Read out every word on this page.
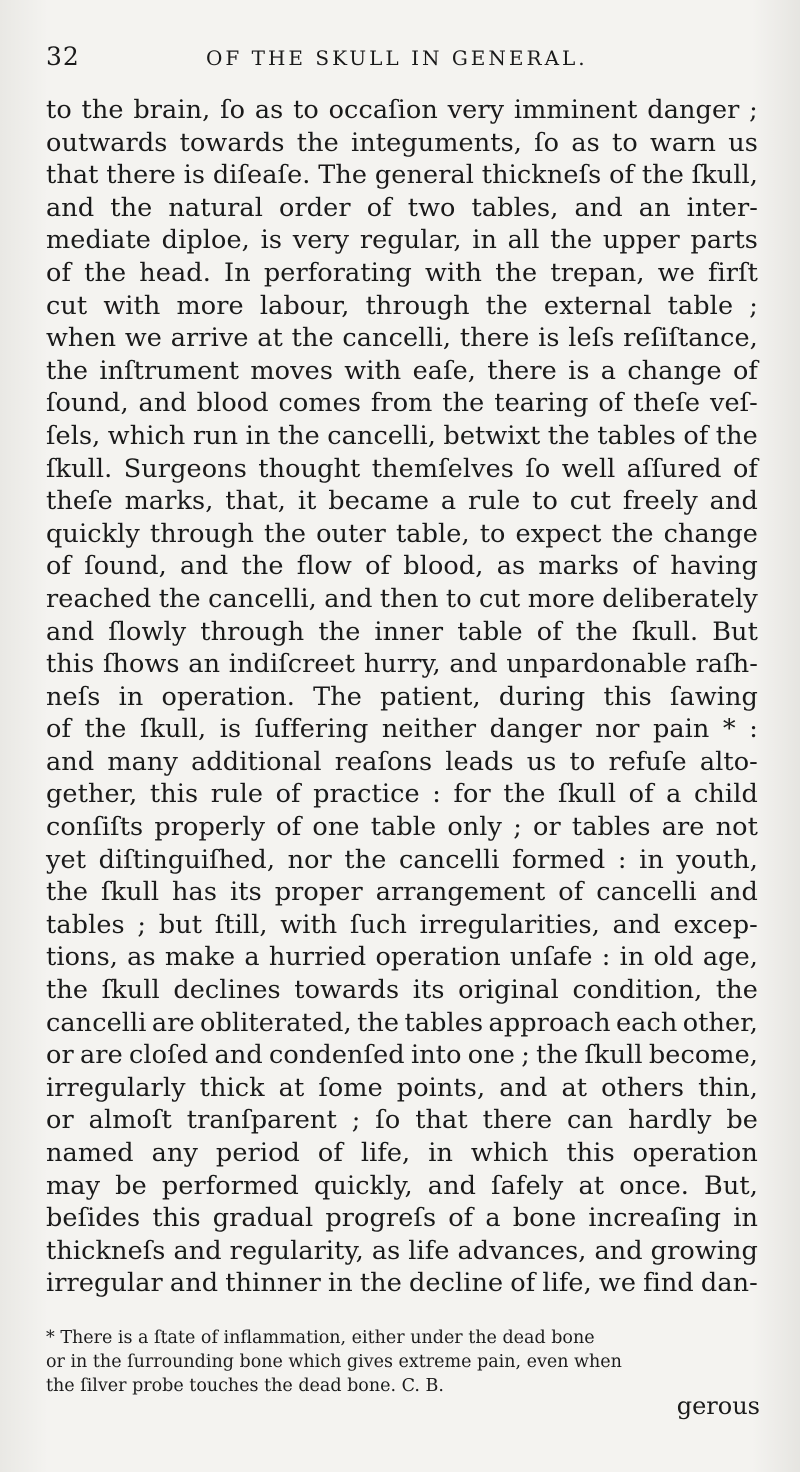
32	OF THE SKULL IN GENERAL.
to the brain, ſo as to occaſion very imminent danger ;
outwards towards the integuments, ſo as to warn us
that there is diſeaſe. The general thickneſs of the ſkull,
and the natural order of two tables, and an inter-
mediate diploe, is very regular, in all the upper parts
of the head. In perforating with the trepan, we firſt
cut with more labour, through the external table ;
when we arrive at the cancelli, there is leſs reſiſtance,
the inſtrument moves with eaſe, there is a change of
ſound, and blood comes from the tearing of theſe veſ-
ſels, which run in the cancelli, betwixt the tables of the
ſkull. Surgeons thought themſelves ſo well aſſured of
theſe marks, that, it became a rule to cut freely and
quickly through the outer table, to expect the change
of ſound, and the flow of blood, as marks of having
reached the cancelli, and then to cut more deliberately
and ſlowly through the inner table of the ſkull. But
this ſhows an indiſcreet hurry, and unpardonable raſh-
neſs in operation. The patient, during this ſawing
of the ſkull, is ſuffering neither danger nor pain * :
and many additional reaſons leads us to refuſe alto-
gether, this rule of practice : for the ſkull of a child
conſiſts properly of one table only ; or tables are not
yet diſtinguiſhed, nor the cancelli formed : in youth,
the ſkull has its proper arrangement of cancelli and
tables ; but ſtill, with ſuch irregularities, and excep-
tions, as make a hurried operation unſafe : in old age,
the ſkull declines towards its original condition, the
cancelli are obliterated, the tables approach each other,
or are cloſed and condenſed into one ; the ſkull become,
irregularly thick at ſome points, and at others thin,
or almoſt tranſparent ; ſo that there can hardly be
named any period of life, in which this operation
may be performed quickly, and ſafely at once. But,
beſides this gradual progreſs of a bone increaſing in
thickneſs and regularity, as life advances, and growing
irregular and thinner in the decline of life, we find dan-
* There is a ſtate of inflammation, either under the dead bone
or in the ſurrounding bone which gives extreme pain, even when
the ſilver probe touches the dead bone. C. B.
gerous
